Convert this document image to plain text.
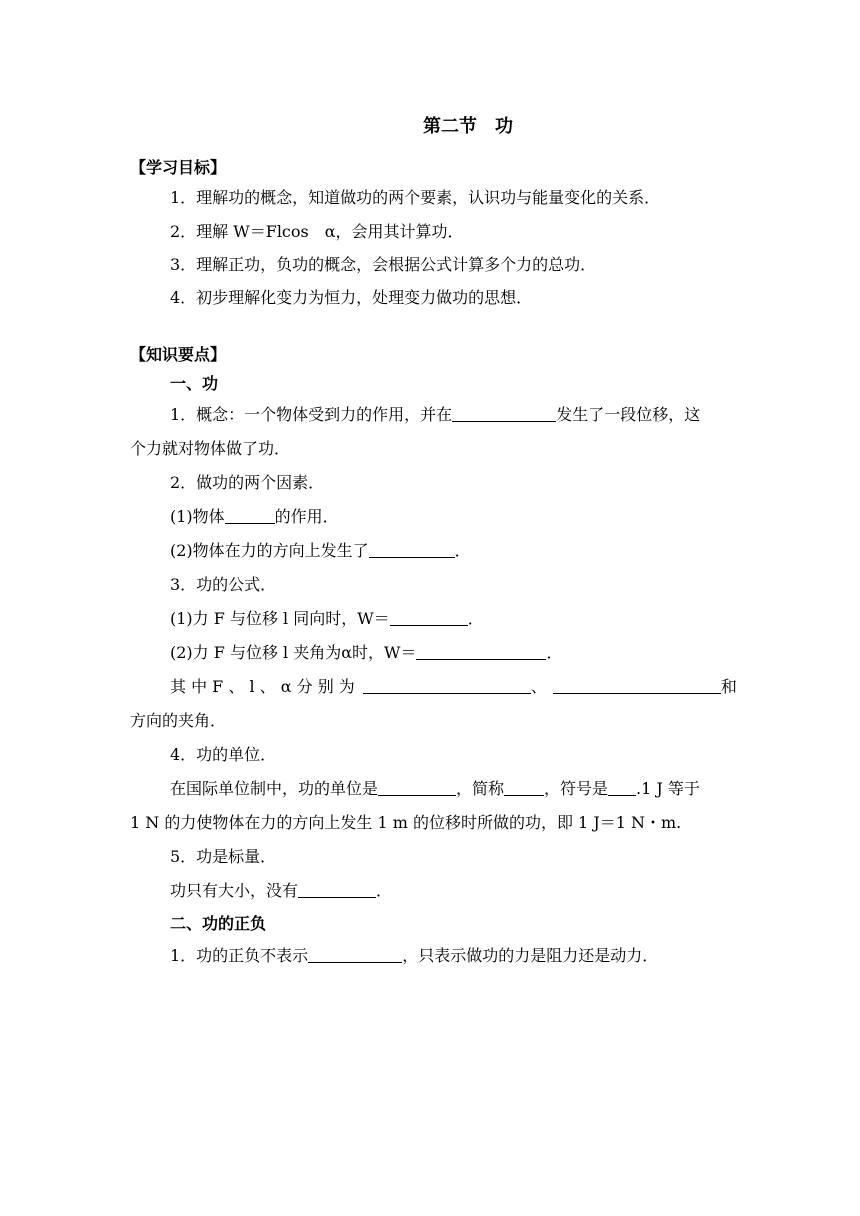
第二节　功
【学习目标】
1．理解功的概念，知道做功的两个要素，认识功与能量变化的关系．
2．理解 W＝Flcos　α，会用其计算功．
3．理解正功，负功的概念，会根据公式计算多个力的总功．
4．初步理解化变力为恒力，处理变力做功的思想．
【知识要点】
一、功
1．概念：一个物体受到力的作用，并在	发生了一段位移，这
个力就对物体做了功．
2．做功的两个因素．
(1)物体	的作用．
(2)物体在力的方向上发生了	．
3．功的公式．
(1)力 F 与位移 l 同向时，W＝	．
(2)力 F 与位移 l 夹角为α时，W＝	．
其 中 F 、 l 、 α 分 别 为	、	和
方向的夹角．
4．功的单位．
在国际单位制中，功的单位是	，简称	，符号是 .1 J 等于
1 N 的力使物体在力的方向上发生 1 m 的位移时所做的功，即 1 J＝1 N・m.
5．功是标量．
功只有大小，没有	．
二、功的正负
1．功的正负不表示	，只表示做功的力是阻力还是动力．
